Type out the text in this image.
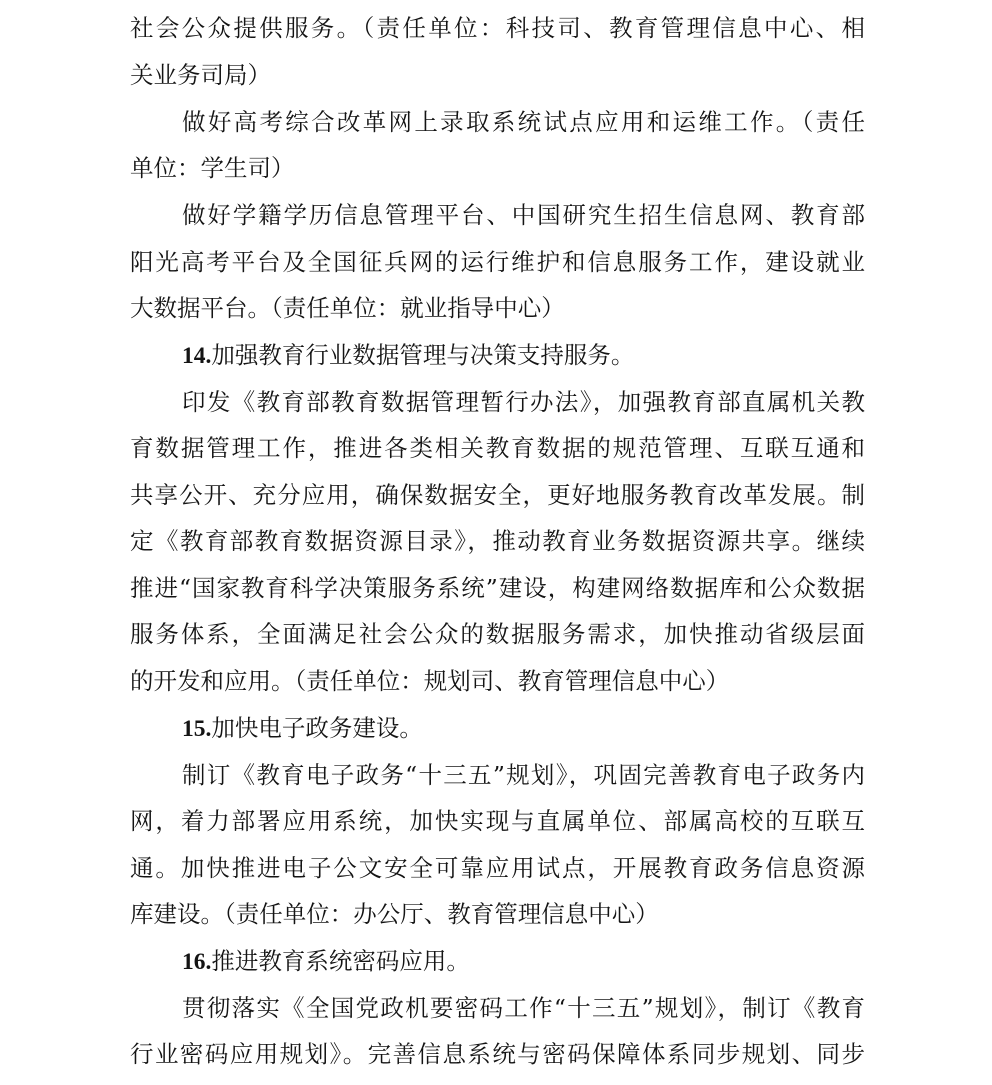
社会公众提供服务。（责任单位：科技司、教育管理信息中心、相
关业务司局）
做好高考综合改革网上录取系统试点应用和运维工作。（责任
单位：学生司）
做好学籍学历信息管理平台、中国研究生招生信息网、教育部
阳光高考平台及全国征兵网的运行维护和信息服务工作，建设就业
大数据平台。（责任单位：就业指导中心）
14.加强教育行业数据管理与决策支持服务。
印发《教育部教育数据管理暂行办法》，加强教育部直属机关教
育数据管理工作，推进各类相关教育数据的规范管理、互联互通和
共享公开、充分应用，确保数据安全，更好地服务教育改革发展。制
定《教育部教育数据资源目录》，推动教育业务数据资源共享。继续
推进“国家教育科学决策服务系统”建设，构建网络数据库和公众数据
服务体系，全面满足社会公众的数据服务需求，加快推动省级层面
的开发和应用。（责任单位：规划司、教育管理信息中心）
15.加快电子政务建设。
制订《教育电子政务“十三五”规划》，巩固完善教育电子政务内
网，着力部署应用系统，加快实现与直属单位、部属高校的互联互
通。加快推进电子公文安全可靠应用试点，开展教育政务信息资源
库建设。（责任单位：办公厅、教育管理信息中心）
16.推进教育系统密码应用。
贯彻落实《全国党政机要密码工作“十三五”规划》，制订《教育
行业密码应用规划》。完善信息系统与密码保障体系同步规划、同步
